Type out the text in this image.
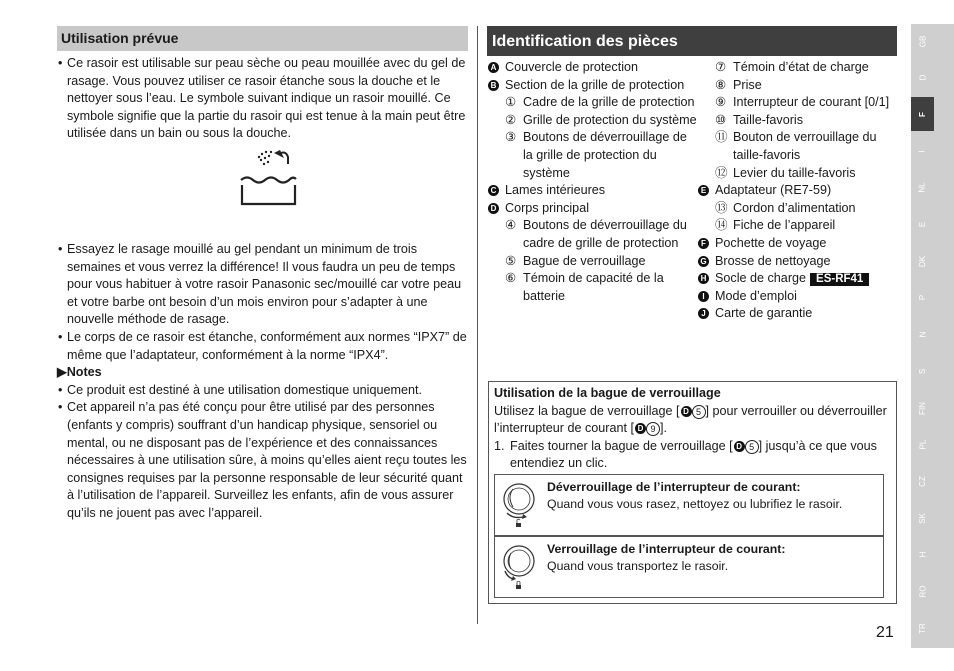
Utilisation prévue
• Ce rasoir est utilisable sur peau sèche ou peau mouillée avec du gel de rasage. Vous pouvez utiliser ce rasoir étanche sous la douche et le nettoyer sous l’eau. Le symbole suivant indique un rasoir mouillé. Ce symbole signifie que la partie du rasoir qui est tenue à la main peut être utilisée dans un bain ou sous la douche.
• Essayez le rasage mouillé au gel pendant un minimum de trois semaines et vous verrez la différence! Il vous faudra un peu de temps pour vous habituer à votre rasoir Panasonic sec/mouillé car votre peau et votre barbe ont besoin d’un mois environ pour s’adapter à une nouvelle méthode de rasage.
• Le corps de ce rasoir est étanche, conformément aux normes “IPX7” de même que l’adaptateur, conformément à la norme “IPX4”.
▶Notes
• Ce produit est destiné à une utilisation domestique uniquement.
• Cet appareil n’a pas été conçu pour être utilisé par des personnes (enfants y compris) souffrant d’un handicap physique, sensoriel ou mental, ou ne disposant pas de l’expérience et des connaissances nécessaires à une utilisation sûre, à moins qu’elles aient reçu toutes les consignes requises par la personne responsable de leur sécurité quant à l’utilisation de l’appareil. Surveillez les enfants, afin de vous assurer qu’ils ne jouent pas avec l’appareil.
Identification des pièces
A Couvercle de protection
B Section de la grille de protection
① Cadre de la grille de protection
② Grille de protection du système
③ Boutons de déverrouillage de la grille de protection du système
C Lames intérieures
D Corps principal
④ Boutons de déverrouillage du cadre de grille de protection
⑤ Bague de verrouillage
⑥ Témoin de capacité de la batterie
⑦ Témoin d’état de charge
⑧ Prise
⑨ Interrupteur de courant [0/1]
⑩ Taille-favoris
⑪ Bouton de verrouillage du taille-favoris
⑫ Levier du taille-favoris
E Adaptateur (RE7-59)
⑬ Cordon d’alimentation
⑭ Fiche de l’appareil
F Pochette de voyage
G Brosse de nettoyage
H Socle de charge ES-RF41
I Mode d’emploi
J Carte de garantie
Utilisation de la bague de verrouillage
Utilisez la bague de verrouillage [ D 5 ] pour verrouiller ou déverrouiller l’interrupteur de courant [ D 9 ].
1. Faites tourner la bague de verrouillage [ D 5 ] jusqu’à ce que vous entendiez un clic.
Déverrouillage de l’interrupteur de courant:
Quand vous vous rasez, nettoyez ou lubrifiez le rasoir.
Verrouillage de l’interrupteur de courant:
Quand vous transportez le rasoir.
21
GB
D
F
I
NL
E
DK
P
N
S
FIN
PL
CZ
SK
H
RO
TR
